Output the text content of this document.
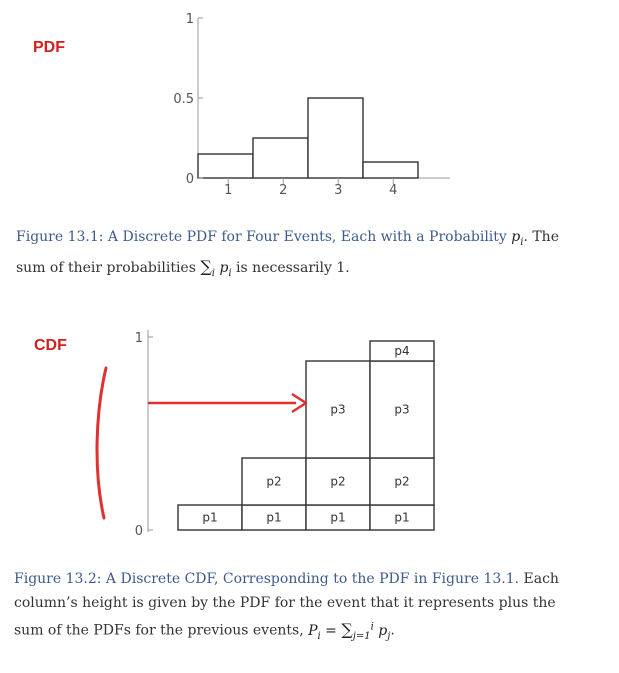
PDF
0
0.5
1
1	2	3	4
CDF
p1	p1
p2
p1
p2
p3
p1
p2
p3
p4
0
1
Figure 13.1: A Discrete PDF for Four Events, Each with a Probability $p_i$. The
sum of their probabilities $\sum_i$ $p_i$ is necessarily 1.
Figure 13.2: A Discrete CDF, Corresponding to the PDF in Figure 13.1. Each
column’s height is given by the PDF for the event that it represents plus the
sum of the PDFs for the previous events, $P_i = \sum_{j=1}^i$ $p_j$.
